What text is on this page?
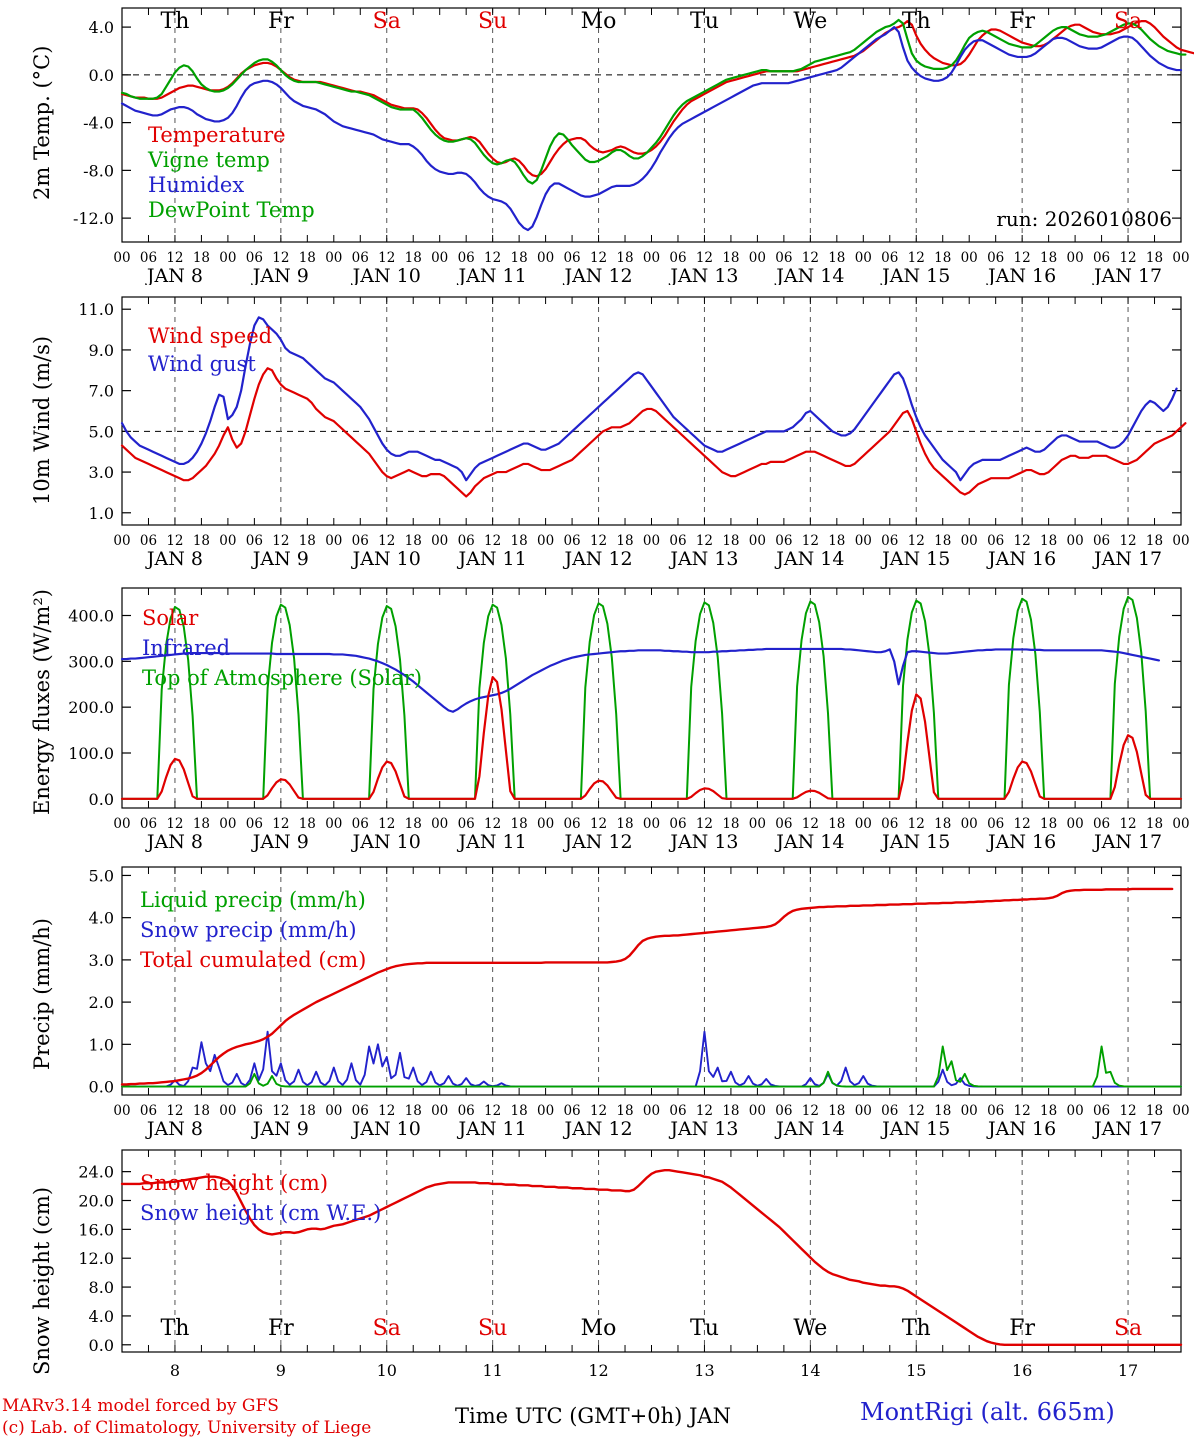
2m Temp. (°C)
-12.0
-8.0
-4.0
0.0
4.0
Temperature
Vigne temp
Humidex
DewPoint Temp	run: 2026010806
Th	Fr	Sa	Su	Mo	Tu	We	Th	Fr	Sa
00 06 12 18 00 06 12 18 00 06 12 18 00 06 12 18 00 06 12 18 00 06 12 18 00 06 12 18 00 06 12 18 00 06 12 18 00 06 12 18 00
JAN 8	JAN 9 JAN 10 JAN 11 JAN 12 JAN 13 JAN 14 JAN 15 JAN 16 JAN 17
10m Wind (m/s)
1.0
3.0
5.0
7.0
9.0
11.0
Wind speed
Wind gust
00 06 12 18 00 06 12 18 00 06 12 18 00 06 12 18 00 06 12 18 00 06 12 18 00 06 12 18 00 06 12 18 00 06 12 18 00 06 12 18 00
JAN 8	JAN 9 JAN 10 JAN 11 JAN 12 JAN 13 JAN 14 JAN 15 JAN 16 JAN 17
Energy fluxes (W/m²) 0.0
100.0
200.0
300.0
400.0 Solar
Infrared
Top of Atmosphere (Solar)
00 06 12 18 00 06 12 18 00 06 12 18 00 06 12 18 00 06 12 18 00 06 12 18 00 06 12 18 00 06 12 18 00 06 12 18 00 06 12 18 00
JAN 8	JAN 9 JAN 10 JAN 11 JAN 12 JAN 13 JAN 14 JAN 15 JAN 16 JAN 17
Precip (mm/h)
0.0
1.0
2.0
3.0
4.0
5.0
Liquid precip (mm/h)
Snow precip (mm/h)
Total cumulated (cm)
00 06 12 18 00 06 12 18 00 06 12 18 00 06 12 18 00 06 12 18 00 06 12 18 00 06 12 18 00 06 12 18 00 06 12 18 00 06 12 18 00
JAN 8	JAN 9 JAN 10 JAN 11 JAN 12 JAN 13 JAN 14 JAN 15 JAN 16 JAN 17
Snow height (cm) 0.0
4.0
8.0
12.0
16.0
20.0
24.0 Snow height (cm)
Snow height (cm W.E.)
Th	Fr	Sa	Su	Mo	Tu	We	Th	Fr	Sa
8	9	10	11	12	13	14	15	16	17
MARv3.14 model forced by GFS
(c) Lab. of Climatology, University of Liege	Time UTC (GMT+0h) JAN	MontRigi (alt. 665m)
